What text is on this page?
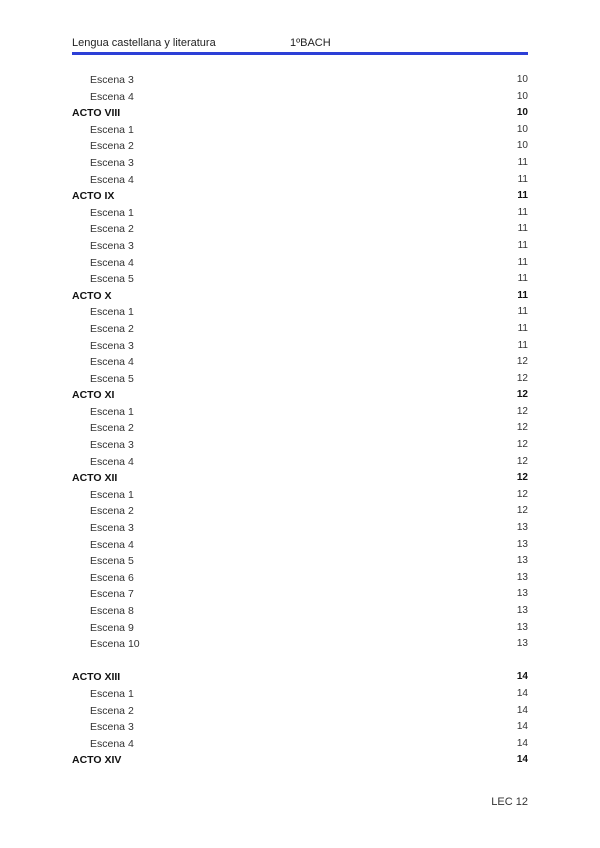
Lengua castellana y literatura	1ºBACH
Escena 3	10
Escena 4	10
ACTO VIII	10
Escena 1	10
Escena 2	10
Escena 3	11
Escena 4	11
ACTO IX	11
Escena 1	11
Escena 2	11
Escena 3	11
Escena 4	11
Escena 5	11
ACTO X	11
Escena 1	11
Escena 2	11
Escena 3	11
Escena 4	12
Escena 5	12
ACTO XI	12
Escena 1	12
Escena 2	12
Escena 3	12
Escena 4	12
ACTO XII	12
Escena 1	12
Escena 2	12
Escena 3	13
Escena 4	13
Escena 5	13
Escena 6	13
Escena 7	13
Escena 8	13
Escena 9	13
Escena 10	13
ACTO XIII	14
Escena 1	14
Escena 2	14
Escena 3	14
Escena 4	14
ACTO XIV	14
LEC 12
